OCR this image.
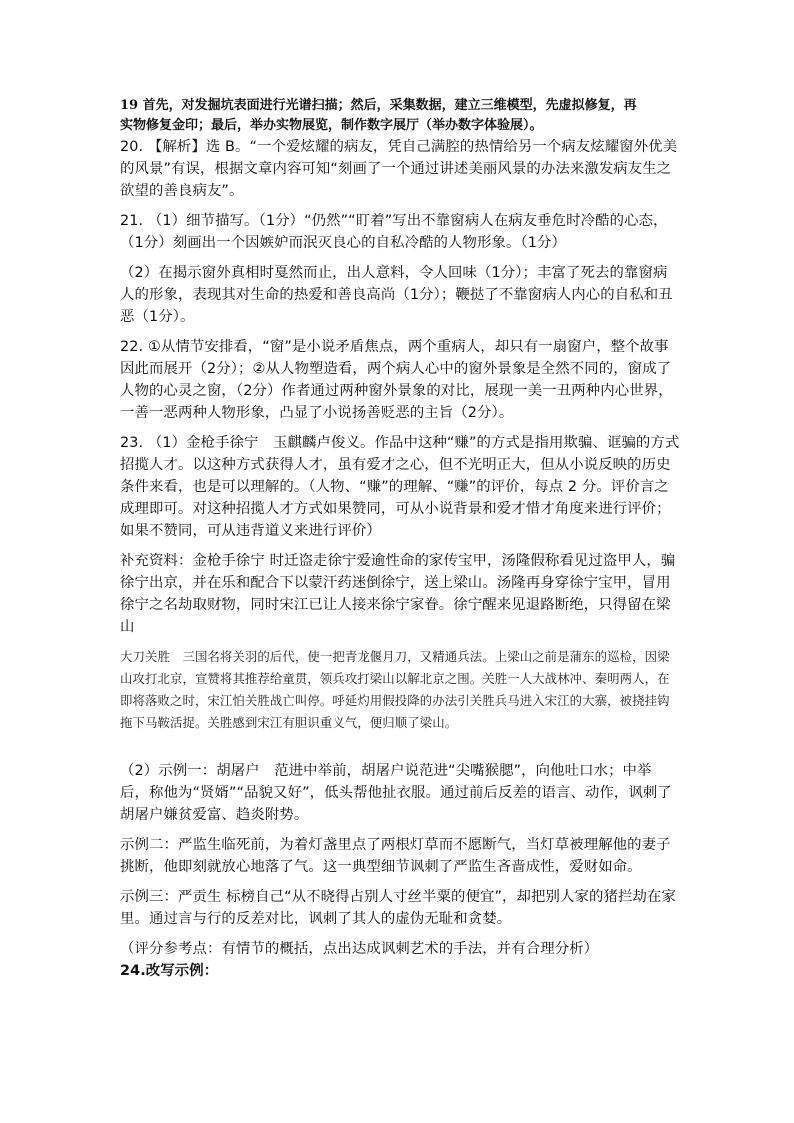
19 首先，对发掘坑表面进行光谱扫描；然后，采集数据，建立三维模型，先虚拟修复，再
实物修复金印；最后，举办实物展览，制作数字展厅（举办数字体验展）。

20. 【解析】选 B。“一个爱炫耀的病友，凭自己满腔的热情给另一个病友炫耀窗外优美的风景”有误，根据文章内容可知“刻画了一个通过讲述美丽风景的办法来激发病友生之欲望的善良病友”。

21. （1）细节描写。（1分）“仍然”“盯着”写出不靠窗病人在病友垂危时冷酷的心态，（1分）刻画出一个因嫉妒而泯灭良心的自私冷酷的人物形象。（1分）

（2）在揭示窗外真相时戛然而止，出人意料，令人回味（1分）；丰富了死去的靠窗病人的形象，表现其对生命的热爱和善良高尚（1分）；鞭挞了不靠窗病人内心的自私和丑恶（1分）。

22. ①从情节安排看，“窗”是小说矛盾焦点，两个重病人，却只有一扇窗户，整个故事因此而展开（2分）；②从人物塑造看，两个病人心中的窗外景象是全然不同的，窗成了人物的心灵之窗，（2分）作者通过两种窗外景象的对比，展现一美一丑两种内心世界，一善一恶两种人物形象，凸显了小说扬善贬恶的主旨（2分）。

23. （1）金枪手徐宁　玉麒麟卢俊义。作品中这种“赚”的方式是指用欺骗、诓骗的方式招揽人才。以这种方式获得人才，虽有爱才之心，但不光明正大，但从小说反映的历史条件来看，也是可以理解的。（人物、“赚”的理解、“赚”的评价，每点 2 分。评价言之成理即可。对这种招揽人才方式如果赞同，可从小说背景和爱才惜才角度来进行评价；如果不赞同，可从违背道义来进行评价）

补充资料：金枪手徐宁 时迁盗走徐宁爱逾性命的家传宝甲，汤隆假称看见过盗甲人，骗徐宁出京，并在乐和配合下以蒙汗药迷倒徐宁，送上梁山。汤隆再身穿徐宁宝甲，冒用徐宁之名劫取财物，同时宋江已让人接来徐宁家眷。徐宁醒来见退路断绝，只得留在梁山

大刀关胜　三国名将关羽的后代，使一把青龙偃月刀，又精通兵法。上梁山之前是蒲东的巡检，因梁山攻打北京，宣赞将其推荐给童贯，领兵攻打梁山以解北京之围。关胜一人大战林冲、秦明两人，在即将落败之时，宋江怕关胜战亡叫停。呼延灼用假投降的办法引关胜兵马进入宋江的大寨，被挠挂钩拖下马鞍活捉。关胜感到宋江有胆识重义气，便归顺了梁山。

（2）示例一：胡屠户　范进中举前，胡屠户说范进“尖嘴猴腮”，向他吐口水；中举后，称他为“贤婿”“品貌又好”，低头帮他扯衣服。通过前后反差的语言、动作，讽刺了胡屠户嫌贫爱富、趋炎附势。

示例二：严监生临死前，为着灯盏里点了两根灯草而不愿断气，当灯草被理解他的妻子挑断，他即刻就放心地落了气。这一典型细节讽刺了严监生吝啬成性，爱财如命。

示例三：严贡生 标榜自己“从不晓得占别人寸丝半粟的便宜”，却把别人家的猪拦劫在家里。通过言与行的反差对比，讽刺了其人的虚伪无耻和贪婪。

（评分参考点：有情节的概括，点出达成讽刺艺术的手法，并有合理分析）

24.改写示例：
